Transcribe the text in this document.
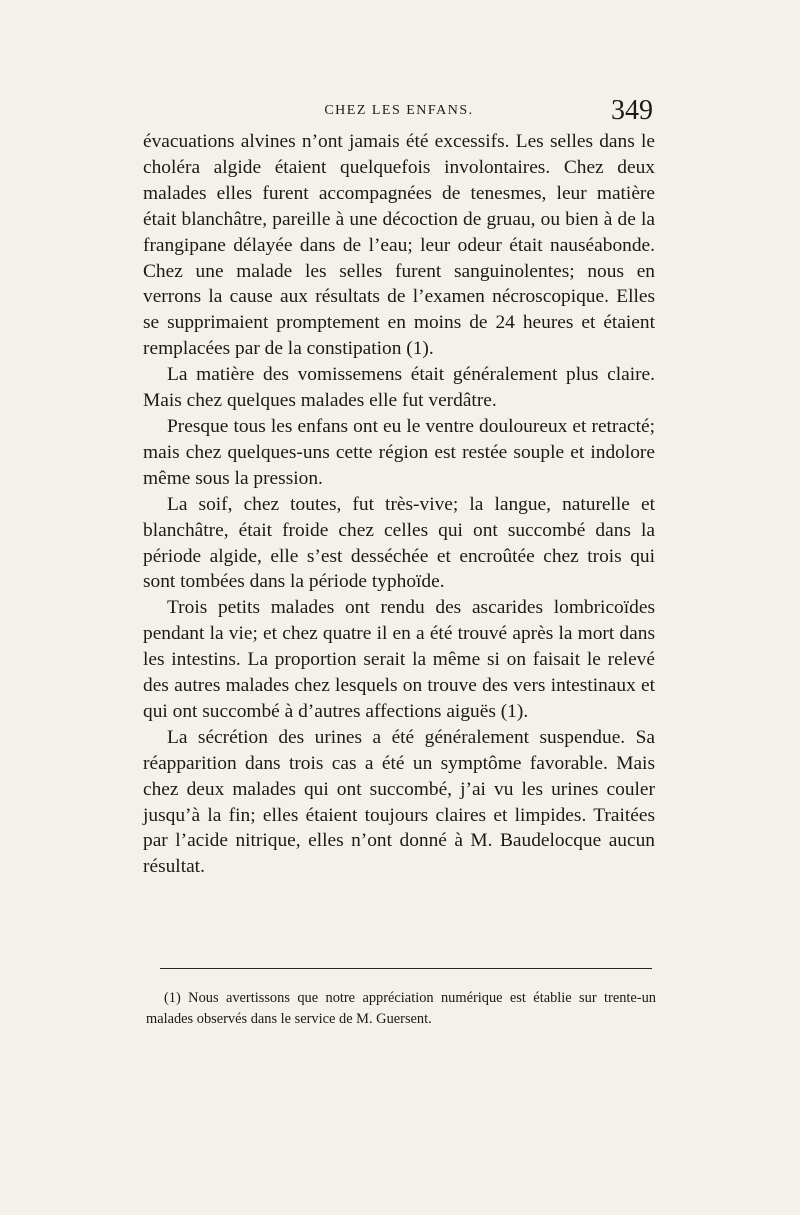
CHEZ LES ENFANS.	349

évacuations alvines n’ont jamais été excessifs. Les selles dans le choléra algide étaient quelquefois involontaires. Chez deux malades elles furent accompagnées de tenesmes, leur matière était blanchâtre, pareille à une décoction de gruau, ou bien à de la frangipane délayée dans de l’eau; leur odeur était nauséabonde. Chez une malade les selles furent sanguinolentes; nous en verrons la cause aux résultats de l’examen nécroscopique. Elles se supprimaient promptement en moins de 24 heures et étaient remplacées par de la constipation (1).

La matière des vomissemens était généralement plus claire. Mais chez quelques malades elle fut verdâtre.

Presque tous les enfans ont eu le ventre douloureux et retracté; mais chez quelques-uns cette région est restée souple et indolore même sous la pression.

La soif, chez toutes, fut très-vive; la langue, naturelle et blanchâtre, était froide chez celles qui ont succombé dans la période algide, elle s’est desséchée et encroûtée chez trois qui sont tombées dans la période typhoïde.

Trois petits malades ont rendu des ascarides lombricoïdes pendant la vie; et chez quatre il en a été trouvé après la mort dans les intestins. La proportion serait la même si on faisait le relevé des autres malades chez lesquels on trouve des vers intestinaux et qui ont succombé à d’autres affections aiguës (1).

La sécrétion des urines a été généralement suspendue. Sa réapparition dans trois cas a été un symptôme favorable. Mais chez deux malades qui ont succombé, j’ai vu les urines couler jusqu’à la fin; elles étaient toujours claires et limpides. Traitées par l’acide nitrique, elles n’ont donné à M. Baudelocque aucun résultat.

(1) Nous avertissons que notre appréciation numérique est établie sur trente-un malades observés dans le service de M. Guersent.
